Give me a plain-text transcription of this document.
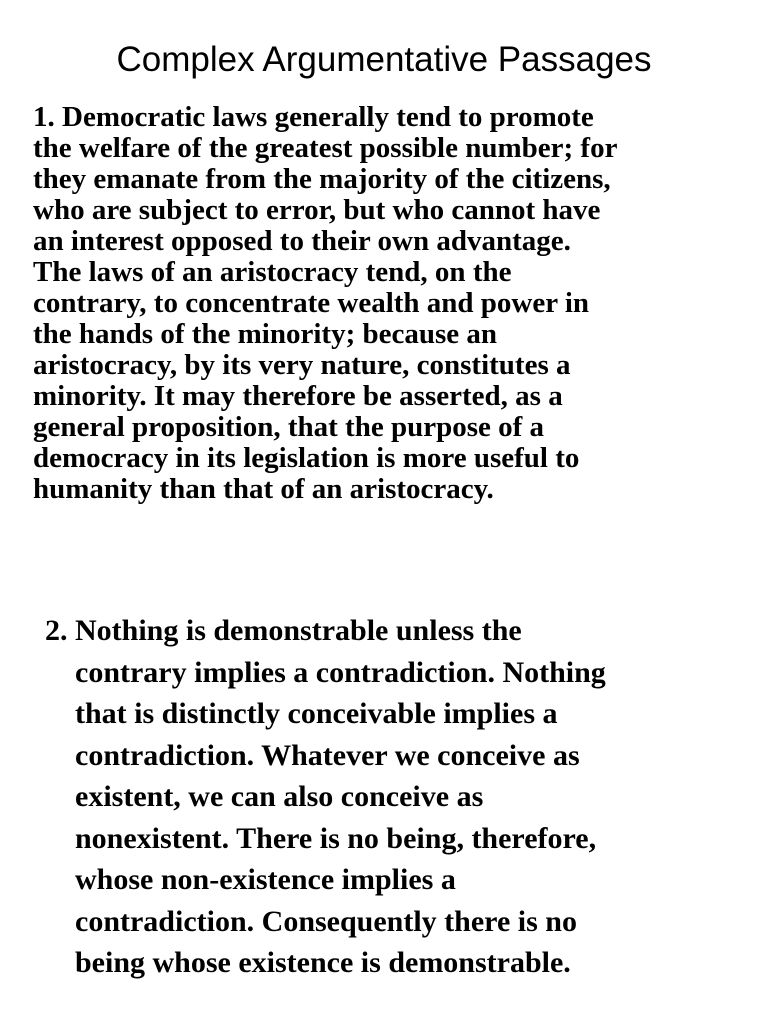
Complex Argumentative Passages

1. Democratic laws generally tend to promote
the welfare of the greatest possible number; for
they emanate from the majority of the citizens,
who are subject to error, but who cannot have
an interest opposed to their own advantage.
The laws of an aristocracy tend, on the
contrary, to concentrate wealth and power in
the hands of the minority; because an
aristocracy, by its very nature, constitutes a
minority. It may therefore be asserted, as a
general proposition, that the purpose of a
democracy in its legislation is more useful to
humanity than that of an aristocracy.

2. Nothing is demonstrable unless the
contrary implies a contradiction. Nothing
that is distinctly conceivable implies a
contradiction. Whatever we conceive as
existent, we can also conceive as
nonexistent. There is no being, therefore,
whose non-existence implies a
contradiction. Consequently there is no
being whose existence is demonstrable.
